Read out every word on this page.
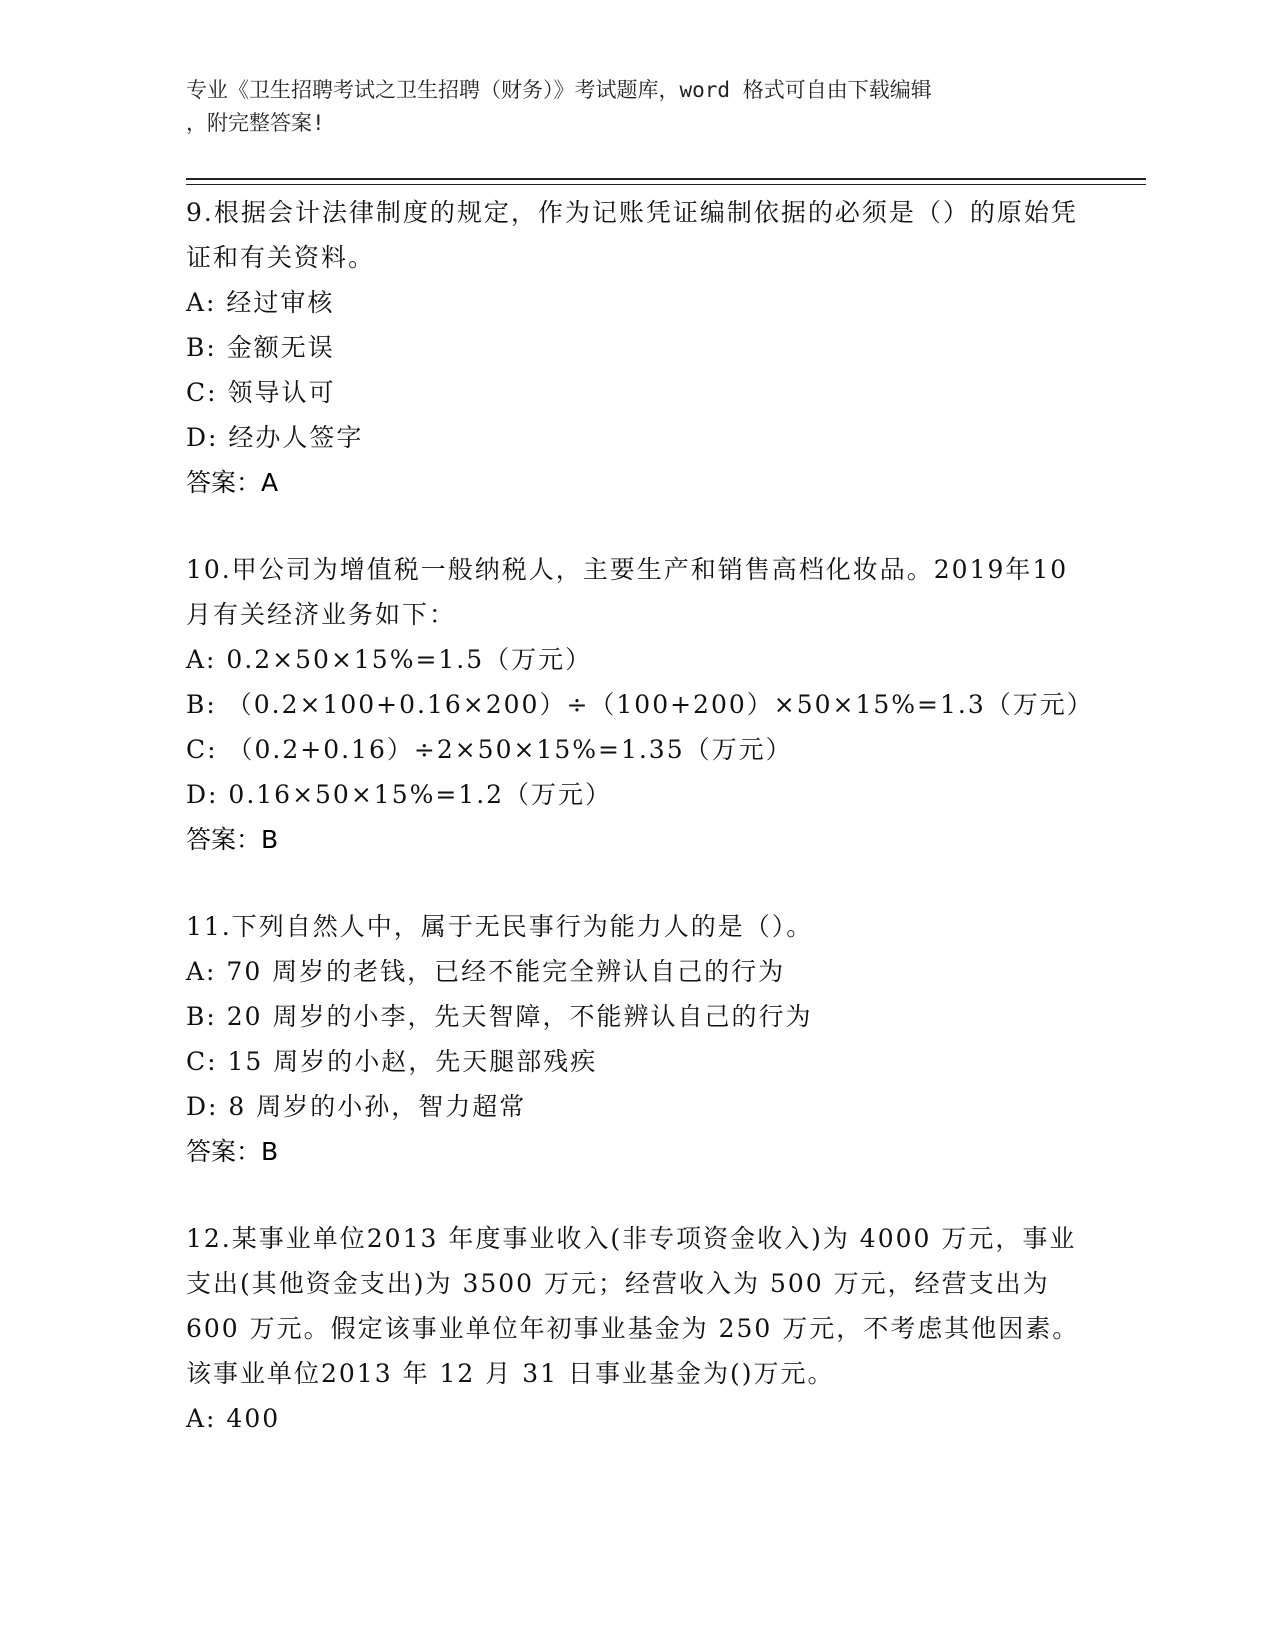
专业《卫生招聘考试之卫生招聘（财务）》考试题库，word 格式可自由下载编辑
，附完整答案!

9.根据会计法律制度的规定，作为记账凭证编制依据的必须是（）的原始凭证和有关资料。

A: 经过审核

B: 金额无误

C: 领导认可

D: 经办人签字

答案：A

10.甲公司为增值税一般纳税人，主要生产和销售高档化妆品。2019年10月有关经济业务如下：

A: 0.2×50×15%=1.5（万元）

B: （0.2×100+0.16×200）÷（100+200）×50×15%=1.3（万元）

C: （0.2+0.16）÷2×50×15%=1.35（万元）

D: 0.16×50×15%=1.2（万元）

答案：B

11.下列自然人中，属于无民事行为能力人的是（）。

A: 70 周岁的老钱，已经不能完全辨认自己的行为

B: 20 周岁的小李，先天智障，不能辨认自己的行为

C: 15 周岁的小赵，先天腿部残疾

D: 8 周岁的小孙，智力超常

答案：B

12.某事业单位2013 年度事业收入(非专项资金收入)为 4000 万元，事业支出(其他资金支出)为 3500 万元；经营收入为 500 万元，经营支出为 600 万元。假定该事业单位年初事业基金为 250 万元，不考虑其他因素。该事业单位2013 年 12 月 31 日事业基金为()万元。

A: 400
